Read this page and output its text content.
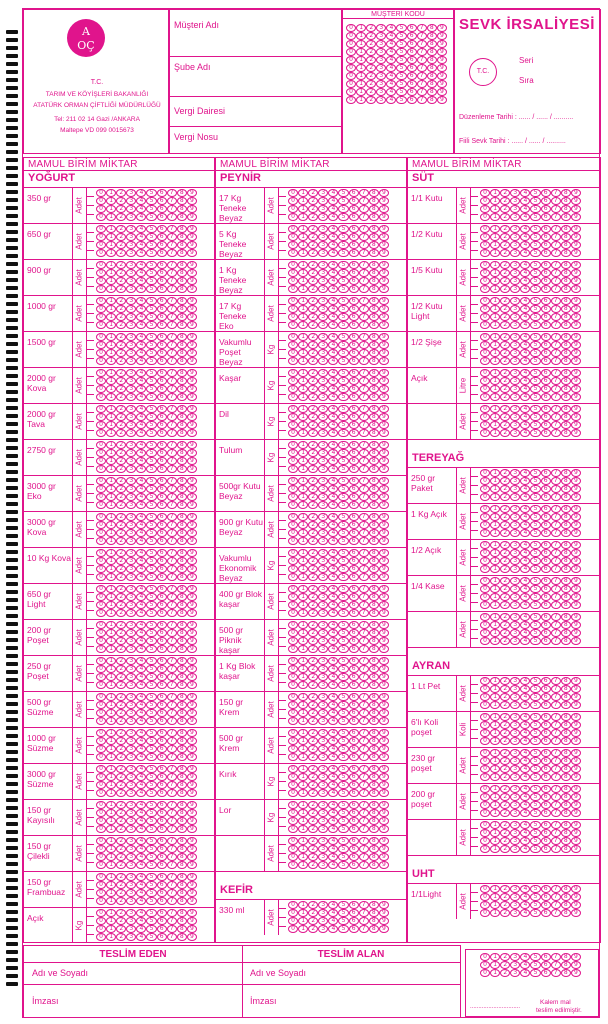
A
OÇ
T.C.
TARIM VE KÖYİŞLERİ BAKANLIĞI
ATATÜRK ORMAN ÇİFTLİĞİ MÜDÜRLÜĞÜ
Tel: 211 02 14 Gazi /ANKARA
Maltepe VD 099 0015673
Müşteri Adı
Şube Adı
Vergi Dairesi
Vergi Nosu
MÜŞTERİ KODU
0	1	2	3	4	5	6	7	8	9
0	1	2	3	4	5	6	7	8	9
0	1	2	3	4	5	6	7	8	9
0	1	2	3	4	5	6	7	8	9
0	1	2	3	4	5	6	7	8	9
0	1	2	3	4	5	6	7	8	9
0	1	2	3	4	5	6	7	8	9
0	1	2	3	4	5	6	7	8	9
0	1	2	3	4	5	6	7	8	9
0	1	2	3	4	5	6	7	8	9
SEVK İRSALİYESİ
T.C.
Seri
Sıra
Düzenleme Tarihi : ...... / ...... / ..........
Fiili Sevk Tarihi : ...... / ...... / ..........
TESLİM EDEN	TESLİM ALAN
Adı ve Soyadı	Adı ve Soyadı
İmzası	İmzası
0	1	2	3	4	5	6	7	8	9
0	1	2	3	4	5	6	7	8	9
0	1	2	3	4	5	6	7	8	9
..............................
Kalem mal
teslim edilmiştir.
MAMUL BİRİM MİKTAR
YOĞURT
350 gr	Adet
0	1	2	3	4	5	6	7	8	9
0	1	2	3	4	5	6	7	8	9
0	1	2	3	4	5	6	7	8	9
0	1	2	3	4	5	6	7	8	9
650 gr	Adet
0	1	2	3	4	5	6	7	8	9
0	1	2	3	4	5	6	7	8	9
0	1	2	3	4	5	6	7	8	9
0	1	2	3	4	5	6	7	8	9
900 gr	Adet
0	1	2	3	4	5	6	7	8	9
0	1	2	3	4	5	6	7	8	9
0	1	2	3	4	5	6	7	8	9
0	1	2	3	4	5	6	7	8	9
1000 gr	Adet
0	1	2	3	4	5	6	7	8	9
0	1	2	3	4	5	6	7	8	9
0	1	2	3	4	5	6	7	8	9
0	1	2	3	4	5	6	7	8	9
1500 gr	Adet
0	1	2	3	4	5	6	7	8	9
0	1	2	3	4	5	6	7	8	9
0	1	2	3	4	5	6	7	8	9
0	1	2	3	4	5	6	7	8	9
2000 gr Kova	Adet
0	1	2	3	4	5	6	7	8	9
0	1	2	3	4	5	6	7	8	9
0	1	2	3	4	5	6	7	8	9
0	1	2	3	4	5	6	7	8	9
2000 gr Tava	Adet
0	1	2	3	4	5	6	7	8	9
0	1	2	3	4	5	6	7	8	9
0	1	2	3	4	5	6	7	8	9
0	1	2	3	4	5	6	7	8	9
2750 gr	Adet
0	1	2	3	4	5	6	7	8	9
0	1	2	3	4	5	6	7	8	9
0	1	2	3	4	5	6	7	8	9
0	1	2	3	4	5	6	7	8	9
3000 gr Eko	Adet
0	1	2	3	4	5	6	7	8	9
0	1	2	3	4	5	6	7	8	9
0	1	2	3	4	5	6	7	8	9
0	1	2	3	4	5	6	7	8	9
3000 gr Kova	Adet
0	1	2	3	4	5	6	7	8	9
0	1	2	3	4	5	6	7	8	9
0	1	2	3	4	5	6	7	8	9
0	1	2	3	4	5	6	7	8	9
10 Kg Kova Adet
0	1	2	3	4	5	6	7	8	9
0	1	2	3	4	5	6	7	8	9
0	1	2	3	4	5	6	7	8	9
0	1	2	3	4	5	6	7	8	9
650 gr Light	Adet
0	1	2	3	4	5	6	7	8	9
0	1	2	3	4	5	6	7	8	9
0	1	2	3	4	5	6	7	8	9
0	1	2	3	4	5	6	7	8	9
200 gr Poşet	Adet
0	1	2	3	4	5	6	7	8	9
0	1	2	3	4	5	6	7	8	9
0	1	2	3	4	5	6	7	8	9
0	1	2	3	4	5	6	7	8	9
250 gr Poşet	Adet
0	1	2	3	4	5	6	7	8	9
0	1	2	3	4	5	6	7	8	9
0	1	2	3	4	5	6	7	8	9
0	1	2	3	4	5	6	7	8	9
500 gr Süzme	Adet
0	1	2	3	4	5	6	7	8	9
0	1	2	3	4	5	6	7	8	9
0	1	2	3	4	5	6	7	8	9
0	1	2	3	4	5	6	7	8	9
1000 gr Süzme	Adet
0	1	2	3	4	5	6	7	8	9
0	1	2	3	4	5	6	7	8	9
0	1	2	3	4	5	6	7	8	9
0	1	2	3	4	5	6	7	8	9
3000 gr Süzme	Adet
0	1	2	3	4	5	6	7	8	9
0	1	2	3	4	5	6	7	8	9
0	1	2	3	4	5	6	7	8	9
0	1	2	3	4	5	6	7	8	9
150 gr Kayısılı	Adet
0	1	2	3	4	5	6	7	8	9
0	1	2	3	4	5	6	7	8	9
0	1	2	3	4	5	6	7	8	9
0	1	2	3	4	5	6	7	8	9
150 gr Çilekli	Adet
0	1	2	3	4	5	6	7	8	9
0	1	2	3	4	5	6	7	8	9
0	1	2	3	4	5	6	7	8	9
0	1	2	3	4	5	6	7	8	9
150 gr Frambuaz	Adet
0	1	2	3	4	5	6	7	8	9
0	1	2	3	4	5	6	7	8	9
0	1	2	3	4	5	6	7	8	9
0	1	2	3	4	5	6	7	8	9
Açık
Kg
0	1	2	3	4	5	6	7	8	9
0	1	2	3	4	5	6	7	8	9
0	1	2	3	4	5	6	7	8	9
0	1	2	3	4	5	6	7	8	9
MAMUL BİRİM MİKTAR
PEYNİR
17 Kg Teneke Beyaz
Adet
0	1	2	3	4	5	6	7	8	9
0	1	2	3	4	5	6	7	8	9
0	1	2	3	4	5	6	7	8	9
0	1	2	3	4	5	6	7	8	9
5 Kg Teneke Beyaz
Adet
0	1	2	3	4	5	6	7	8	9
0	1	2	3	4	5	6	7	8	9
0	1	2	3	4	5	6	7	8	9
0	1	2	3	4	5	6	7	8	9
1 Kg Teneke Beyaz
Adet
0	1	2	3	4	5	6	7	8	9
0	1	2	3	4	5	6	7	8	9
0	1	2	3	4	5	6	7	8	9
0	1	2	3	4	5	6	7	8	9
17 Kg Teneke Eko
Adet
0	1	2	3	4	5	6	7	8	9
0	1	2	3	4	5	6	7	8	9
0	1	2	3	4	5	6	7	8	9
0	1	2	3	4	5	6	7	8	9
Vakumlu Poşet Beyaz
Kg
0	1	2	3	4	5	6	7	8	9
0	1	2	3	4	5	6	7	8	9
0	1	2	3	4	5	6	7	8	9
0	1	2	3	4	5	6	7	8	9
Kaşar
Kg
0	1	2	3	4	5	6	7	8	9
0	1	2	3	4	5	6	7	8	9
0	1	2	3	4	5	6	7	8	9
0	1	2	3	4	5	6	7	8	9
Dil
Kg
0	1	2	3	4	5	6	7	8	9
0	1	2	3	4	5	6	7	8	9
0	1	2	3	4	5	6	7	8	9
0	1	2	3	4	5	6	7	8	9
Tulum
Kg
0	1	2	3	4	5	6	7	8	9
0	1	2	3	4	5	6	7	8	9
0	1	2	3	4	5	6	7	8	9
0	1	2	3	4	5	6	7	8	9
500gr Kutu Beyaz	Adet
0	1	2	3	4	5	6	7	8	9
0	1	2	3	4	5	6	7	8	9
0	1	2	3	4	5	6	7	8	9
0	1	2	3	4	5	6	7	8	9
900 gr Kutu Beyaz	Adet
0	1	2	3	4	5	6	7	8	9
0	1	2	3	4	5	6	7	8	9
0	1	2	3	4	5	6	7	8	9
0	1	2	3	4	5	6	7	8	9
Vakumlu Ekonomik Beyaz
Kg
0	1	2	3	4	5	6	7	8	9
0	1	2	3	4	5	6	7	8	9
0	1	2	3	4	5	6	7	8	9
0	1	2	3	4	5	6	7	8	9
400 gr Blok kaşar	Adet
0	1	2	3	4	5	6	7	8	9
0	1	2	3	4	5	6	7	8	9
0	1	2	3	4	5	6	7	8	9
0	1	2	3	4	5	6	7	8	9
500 gr Piknik kaşar
Adet
0	1	2	3	4	5	6	7	8	9
0	1	2	3	4	5	6	7	8	9
0	1	2	3	4	5	6	7	8	9
0	1	2	3	4	5	6	7	8	9
1 Kg Blok kaşar	Adet
0	1	2	3	4	5	6	7	8	9
0	1	2	3	4	5	6	7	8	9
0	1	2	3	4	5	6	7	8	9
0	1	2	3	4	5	6	7	8	9
150 gr Krem	Adet
0	1	2	3	4	5	6	7	8	9
0	1	2	3	4	5	6	7	8	9
0	1	2	3	4	5	6	7	8	9
0	1	2	3	4	5	6	7	8	9
500 gr Krem	Adet
0	1	2	3	4	5	6	7	8	9
0	1	2	3	4	5	6	7	8	9
0	1	2	3	4	5	6	7	8	9
0	1	2	3	4	5	6	7	8	9
Kırık
Kg
0	1	2	3	4	5	6	7	8	9
0	1	2	3	4	5	6	7	8	9
0	1	2	3	4	5	6	7	8	9
0	1	2	3	4	5	6	7	8	9
Lor
Kg
0	1	2	3	4	5	6	7	8	9
0	1	2	3	4	5	6	7	8	9
0	1	2	3	4	5	6	7	8	9
0	1	2	3	4	5	6	7	8	9
Adet
0	1	2	3	4	5	6	7	8	9
0	1	2	3	4	5	6	7	8	9
0	1	2	3	4	5	6	7	8	9
0	1	2	3	4	5	6	7	8	9
KEFİR
330 ml	Adet
0	1	2	3	4	5	6	7	8	9
0	1	2	3	4	5	6	7	8	9
0	1	2	3	4	5	6	7	8	9
0	1	2	3	4	5	6	7	8	9
MAMUL BİRİM MİKTAR
SÜT
1/1 Kutu	Adet
0	1	2	3	4	5	6	7	8	9
0	1	2	3	4	5	6	7	8	9
0	1	2	3	4	5	6	7	8	9
0	1	2	3	4	5	6	7	8	9
1/2 Kutu	Adet
0	1	2	3	4	5	6	7	8	9
0	1	2	3	4	5	6	7	8	9
0	1	2	3	4	5	6	7	8	9
0	1	2	3	4	5	6	7	8	9
1/5 Kutu	Adet
0	1	2	3	4	5	6	7	8	9
0	1	2	3	4	5	6	7	8	9
0	1	2	3	4	5	6	7	8	9
0	1	2	3	4	5	6	7	8	9
1/2 Kutu Light	Adet
0	1	2	3	4	5	6	7	8	9
0	1	2	3	4	5	6	7	8	9
0	1	2	3	4	5	6	7	8	9
0	1	2	3	4	5	6	7	8	9
1/2 Şişe	Adet
0	1	2	3	4	5	6	7	8	9
0	1	2	3	4	5	6	7	8	9
0	1	2	3	4	5	6	7	8	9
0	1	2	3	4	5	6	7	8	9
Açık	Litre
0	1	2	3	4	5	6	7	8	9
0	1	2	3	4	5	6	7	8	9
0	1	2	3	4	5	6	7	8	9
0	1	2	3	4	5	6	7	8	9
Adet
0	1	2	3	4	5	6	7	8	9
0	1	2	3	4	5	6	7	8	9
0	1	2	3	4	5	6	7	8	9
0	1	2	3	4	5	6	7	8	9
TEREYAĞ
250 gr Paket	Adet
0	1	2	3	4	5	6	7	8	9
0	1	2	3	4	5	6	7	8	9
0	1	2	3	4	5	6	7	8	9
0	1	2	3	4	5	6	7	8	9
1 Kg Açık	Adet
0	1	2	3	4	5	6	7	8	9
0	1	2	3	4	5	6	7	8	9
0	1	2	3	4	5	6	7	8	9
0	1	2	3	4	5	6	7	8	9
1/2 Açık	Adet
0	1	2	3	4	5	6	7	8	9
0	1	2	3	4	5	6	7	8	9
0	1	2	3	4	5	6	7	8	9
0	1	2	3	4	5	6	7	8	9
1/4 Kase	Adet
0	1	2	3	4	5	6	7	8	9
0	1	2	3	4	5	6	7	8	9
0	1	2	3	4	5	6	7	8	9
0	1	2	3	4	5	6	7	8	9
Adet
0	1	2	3	4	5	6	7	8	9
0	1	2	3	4	5	6	7	8	9
0	1	2	3	4	5	6	7	8	9
0	1	2	3	4	5	6	7	8	9
AYRAN
1 Lt Pet	Adet
0	1	2	3	4	5	6	7	8	9
0	1	2	3	4	5	6	7	8	9
0	1	2	3	4	5	6	7	8	9
0	1	2	3	4	5	6	7	8	9
6'lı Koli poşet	Koli
0	1	2	3	4	5	6	7	8	9
0	1	2	3	4	5	6	7	8	9
0	1	2	3	4	5	6	7	8	9
0	1	2	3	4	5	6	7	8	9
230 gr poşet	Adet
0	1	2	3	4	5	6	7	8	9
0	1	2	3	4	5	6	7	8	9
0	1	2	3	4	5	6	7	8	9
0	1	2	3	4	5	6	7	8	9
200 gr poşet	Adet
0	1	2	3	4	5	6	7	8	9
0	1	2	3	4	5	6	7	8	9
0	1	2	3	4	5	6	7	8	9
0	1	2	3	4	5	6	7	8	9
Adet
0	1	2	3	4	5	6	7	8	9
0	1	2	3	4	5	6	7	8	9
0	1	2	3	4	5	6	7	8	9
0	1	2	3	4	5	6	7	8	9
UHT
1/1Light	Adet
0	1	2	3	4	5	6	7	8	9
0	1	2	3	4	5	6	7	8	9
0	1	2	3	4	5	6	7	8	9
0	1	2	3	4	5	6	7	8	9
